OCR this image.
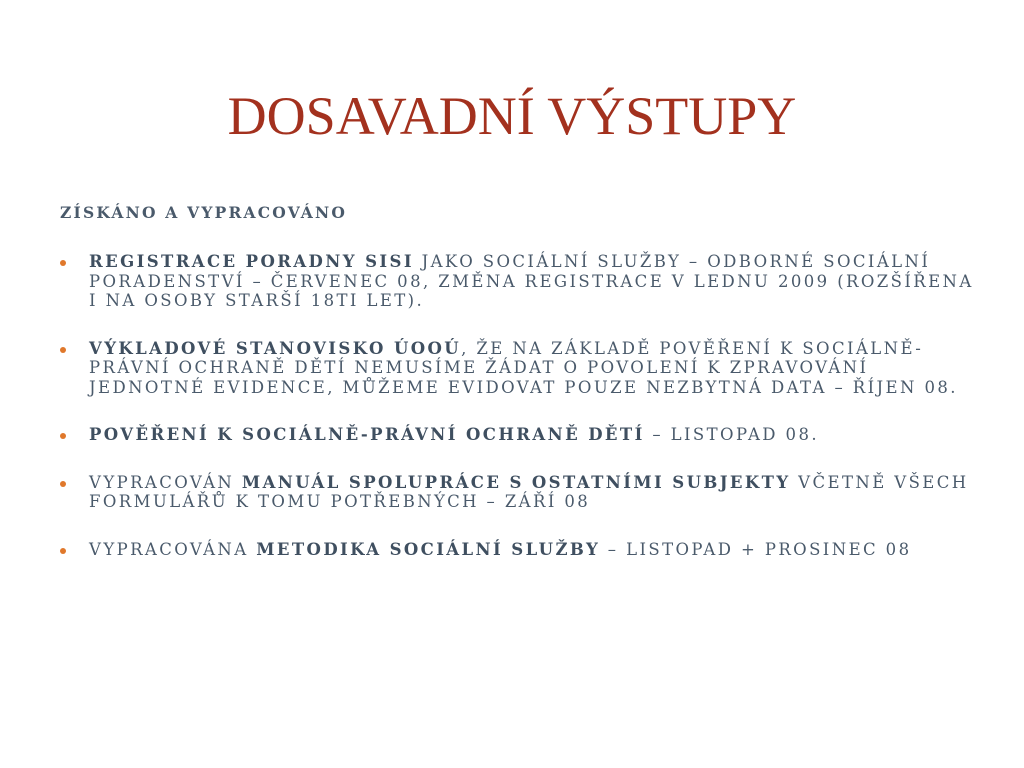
DOSAVADNÍ VÝSTUPY
ZÍSKÁNO A VYPRACOVÁNO
REGISTRACE PORADNY SISI JAKO SOCIÁLNÍ SLUŽBY – ODBORNÉ SOCIÁLNÍ PORADENSTVÍ – ČERVENEC 08, ZMĚNA REGISTRACE V LEDNU 2009 (ROZŠÍŘENA I NA OSOBY STARŠÍ 18TI LET).
VÝKLADOVÉ STANOVISKO ÚOOÚ, ŽE NA ZÁKLADĚ POVĚŘENÍ K SOCIÁLNĚ-PRÁVNÍ OCHRANĚ DĚTÍ NEMUSÍME ŽÁDAT O POVOLENÍ K ZPRAVOVÁNÍ JEDNOTNÉ EVIDENCE, MŮŽEME EVIDOVAT POUZE NEZBYTNÁ DATA – ŘÍJEN 08.
POVĚŘENÍ K SOCIÁLNĚ-PRÁVNÍ OCHRANĚ DĚTÍ – LISTOPAD 08.
VYPRACOVÁN MANUÁL SPOLUPRÁCE S OSTATNÍMI SUBJEKTY VČETNĚ VŠECH FORMULÁŘŮ K TOMU POTŘEBNÝCH – ZÁŘÍ 08
VYPRACOVÁNA METODIKA SOCIÁLNÍ SLUŽBY – LISTOPAD + PROSINEC 08
